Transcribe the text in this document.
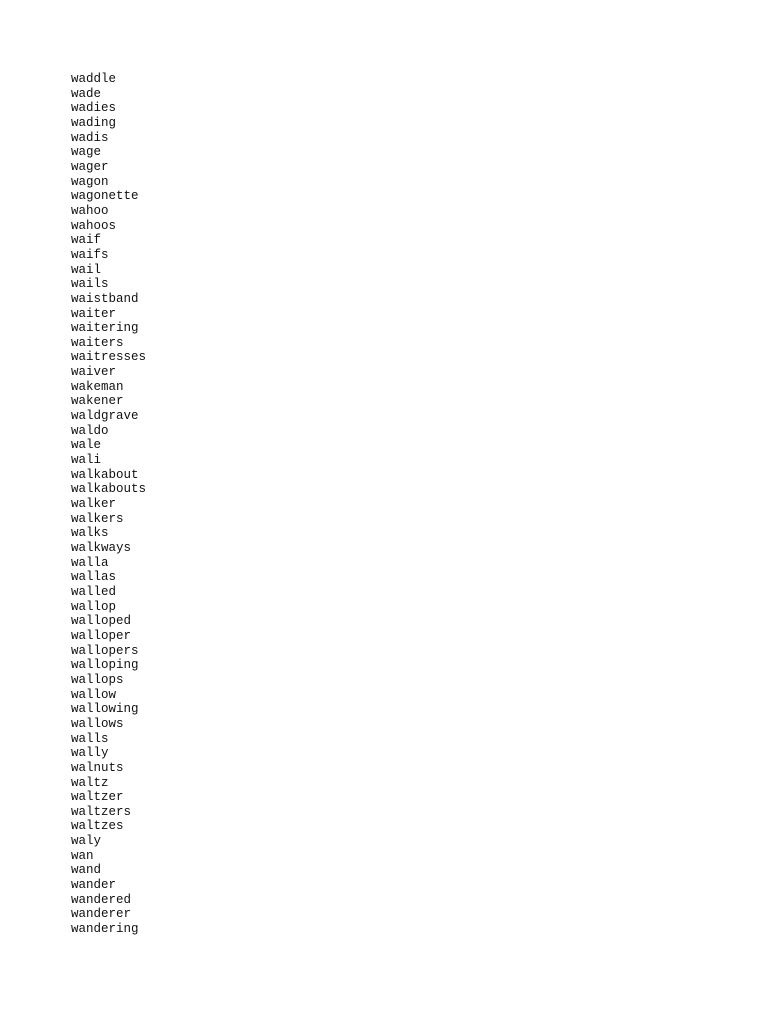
waddle
wade
wadies
wading
wadis
wage
wager
wagon
wagonette
wahoo
wahoos
waif
waifs
wail
wails
waistband
waiter
waitering
waiters
waitresses
waiver
wakeman
wakener
waldgrave
waldo
wale
wali
walkabout
walkabouts
walker
walkers
walks
walkways
walla
wallas
walled
wallop
walloped
walloper
wallopers
walloping
wallops
wallow
wallowing
wallows
walls
wally
walnuts
waltz
waltzer
waltzers
waltzes
waly
wan
wand
wander
wandered
wanderer
wandering
